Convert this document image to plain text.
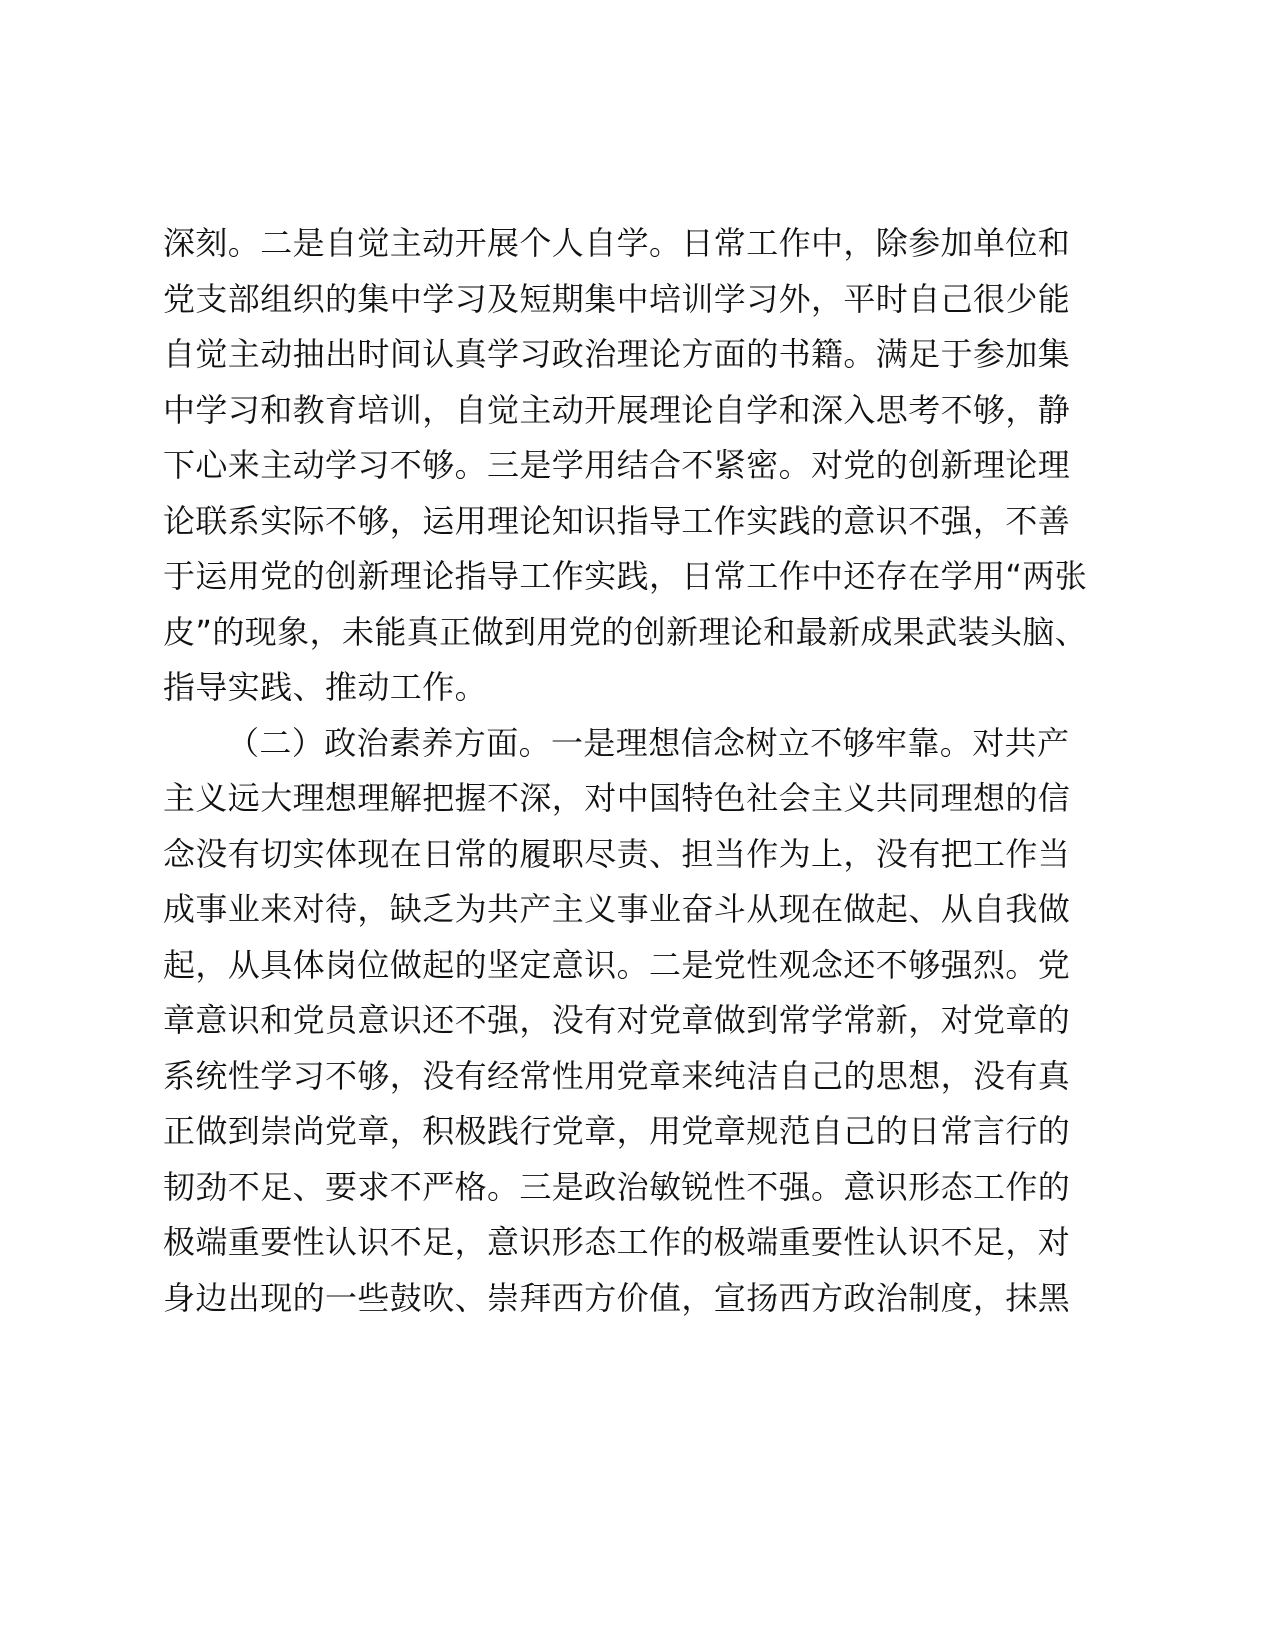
深刻。二是自觉主动开展个人自学。日常工作中，除参加单位和
党支部组织的集中学习及短期集中培训学习外，平时自己很少能
自觉主动抽出时间认真学习政治理论方面的书籍。满足于参加集
中学习和教育培训，自觉主动开展理论自学和深入思考不够，静
下心来主动学习不够。三是学用结合不紧密。对党的创新理论理
论联系实际不够，运用理论知识指导工作实践的意识不强，不善
于运用党的创新理论指导工作实践，日常工作中还存在学用“两张
皮”的现象，未能真正做到用党的创新理论和最新成果武装头脑、
指导实践、推动工作。
（二）政治素养方面。一是理想信念树立不够牢靠。对共产
主义远大理想理解把握不深，对中国特色社会主义共同理想的信
念没有切实体现在日常的履职尽责、担当作为上，没有把工作当
成事业来对待，缺乏为共产主义事业奋斗从现在做起、从自我做
起，从具体岗位做起的坚定意识。二是党性观念还不够强烈。党
章意识和党员意识还不强，没有对党章做到常学常新，对党章的
系统性学习不够，没有经常性用党章来纯洁自己的思想，没有真
正做到崇尚党章，积极践行党章，用党章规范自己的日常言行的
韧劲不足、要求不严格。三是政治敏锐性不强。意识形态工作的
极端重要性认识不足，意识形态工作的极端重要性认识不足，对
身边出现的一些鼓吹、崇拜西方价值，宣扬西方政治制度，抹黑
